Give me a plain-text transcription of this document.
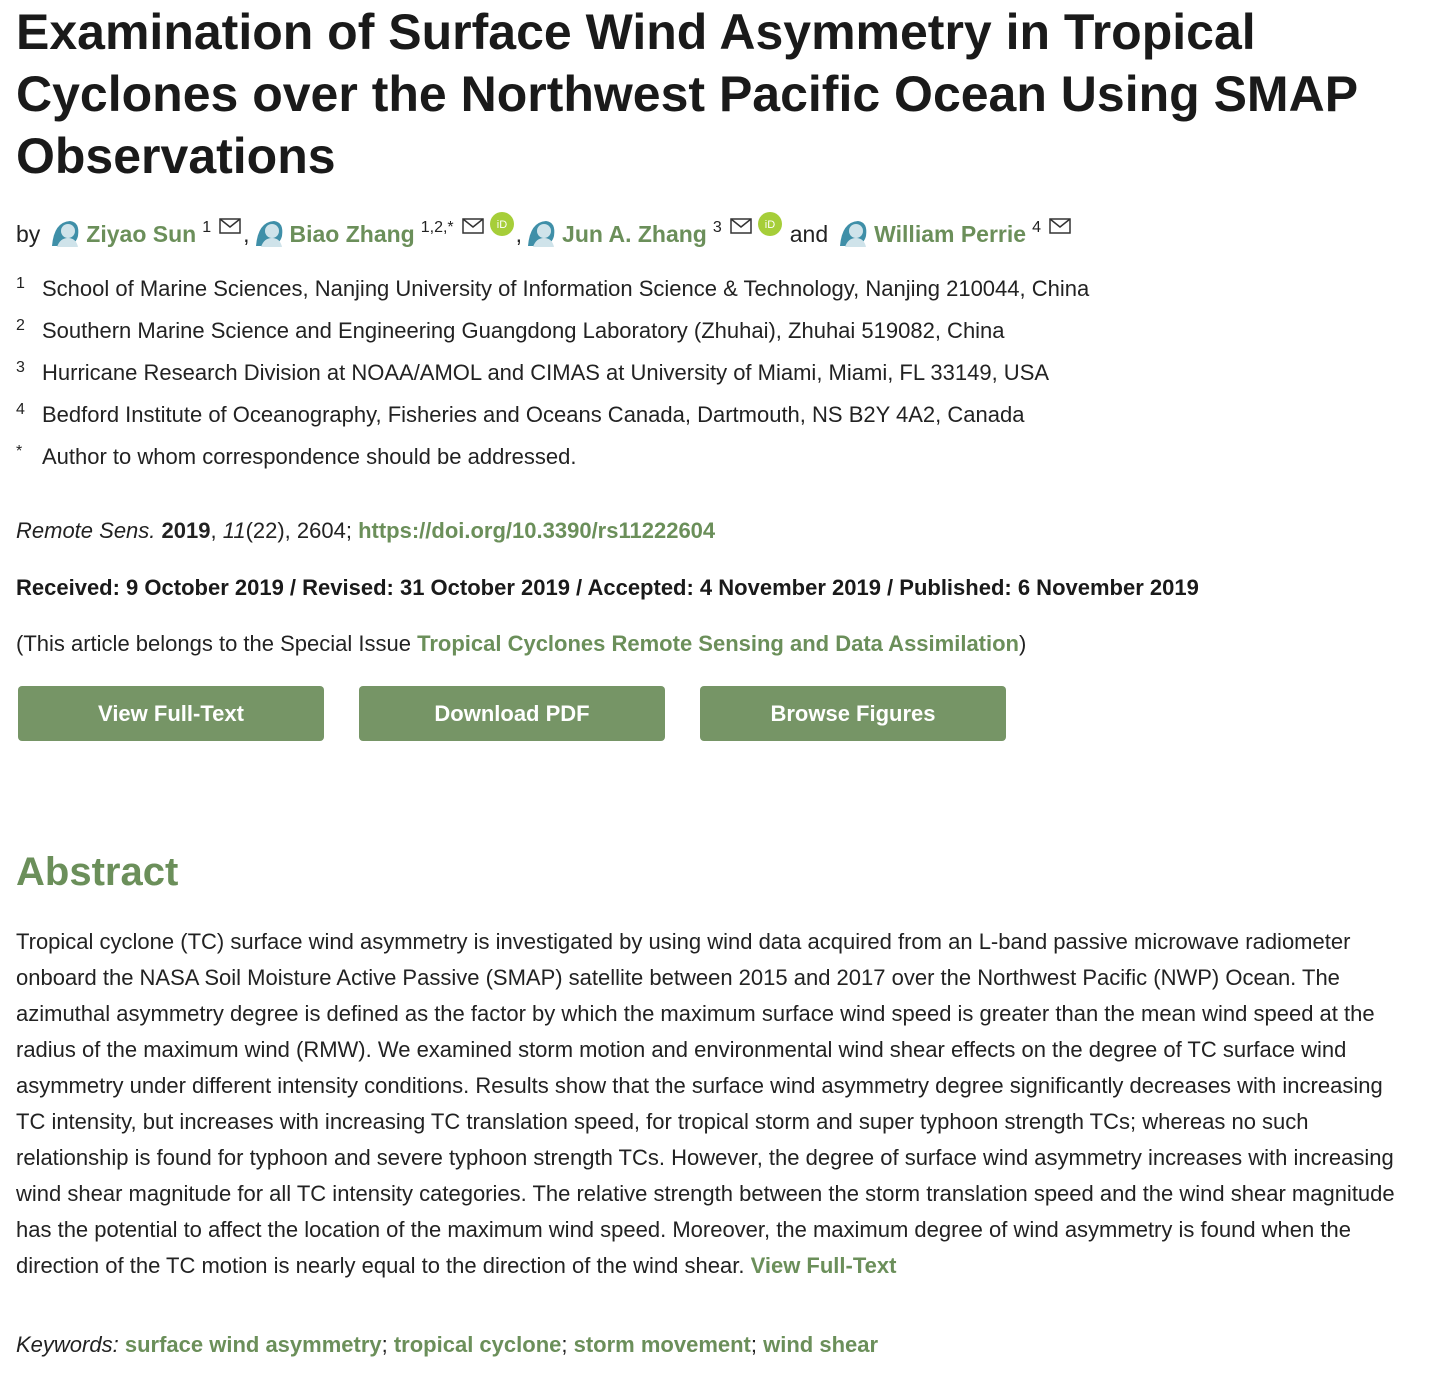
Examination of Surface Wind Asymmetry in Tropical Cyclones over the Northwest Pacific Ocean Using SMAP Observations
by Ziyao Sun 1 , Biao Zhang 1,2,*	iD , Jun A. Zhang 3	iD and William Perrie 4
1 School of Marine Sciences, Nanjing University of Information Science & Technology, Nanjing 210044, China
2 Southern Marine Science and Engineering Guangdong Laboratory (Zhuhai), Zhuhai 519082, China
3 Hurricane Research Division at NOAA/AMOL and CIMAS at University of Miami, Miami, FL 33149, USA
4 Bedford Institute of Oceanography, Fisheries and Oceans Canada, Dartmouth, NS B2Y 4A2, Canada
* Author to whom correspondence should be addressed.
Remote Sens. 2019, 11(22), 2604; https://doi.org/10.3390/rs11222604
Received: 9 October 2019 / Revised: 31 October 2019 / Accepted: 4 November 2019 / Published: 6 November 2019
(This article belongs to the Special Issue Tropical Cyclones Remote Sensing and Data Assimilation)
View Full-Text	Download PDF	Browse Figures
Abstract
Tropical cyclone (TC) surface wind asymmetry is investigated by using wind data acquired from an L-band passive microwave radiometer onboard the NASA Soil Moisture Active Passive (SMAP) satellite between 2015 and 2017 over the Northwest Pacific (NWP) Ocean. The azimuthal asymmetry degree is defined as the factor by which the maximum surface wind speed is greater than the mean wind speed at the radius of the maximum wind (RMW). We examined storm motion and environmental wind shear effects on the degree of TC surface wind asymmetry under different intensity conditions. Results show that the surface wind asymmetry degree significantly decreases with increasing TC intensity, but increases with increasing TC translation speed, for tropical storm and super typhoon strength TCs; whereas no such relationship is found for typhoon and severe typhoon strength TCs. However, the degree of surface wind asymmetry increases with increasing wind shear magnitude for all TC intensity categories. The relative strength between the storm translation speed and the wind shear magnitude has the potential to affect the location of the maximum wind speed. Moreover, the maximum degree of wind asymmetry is found when the direction of the TC motion is nearly equal to the direction of the wind shear. View Full-Text
Keywords: surface wind asymmetry; tropical cyclone; storm movement; wind shear
